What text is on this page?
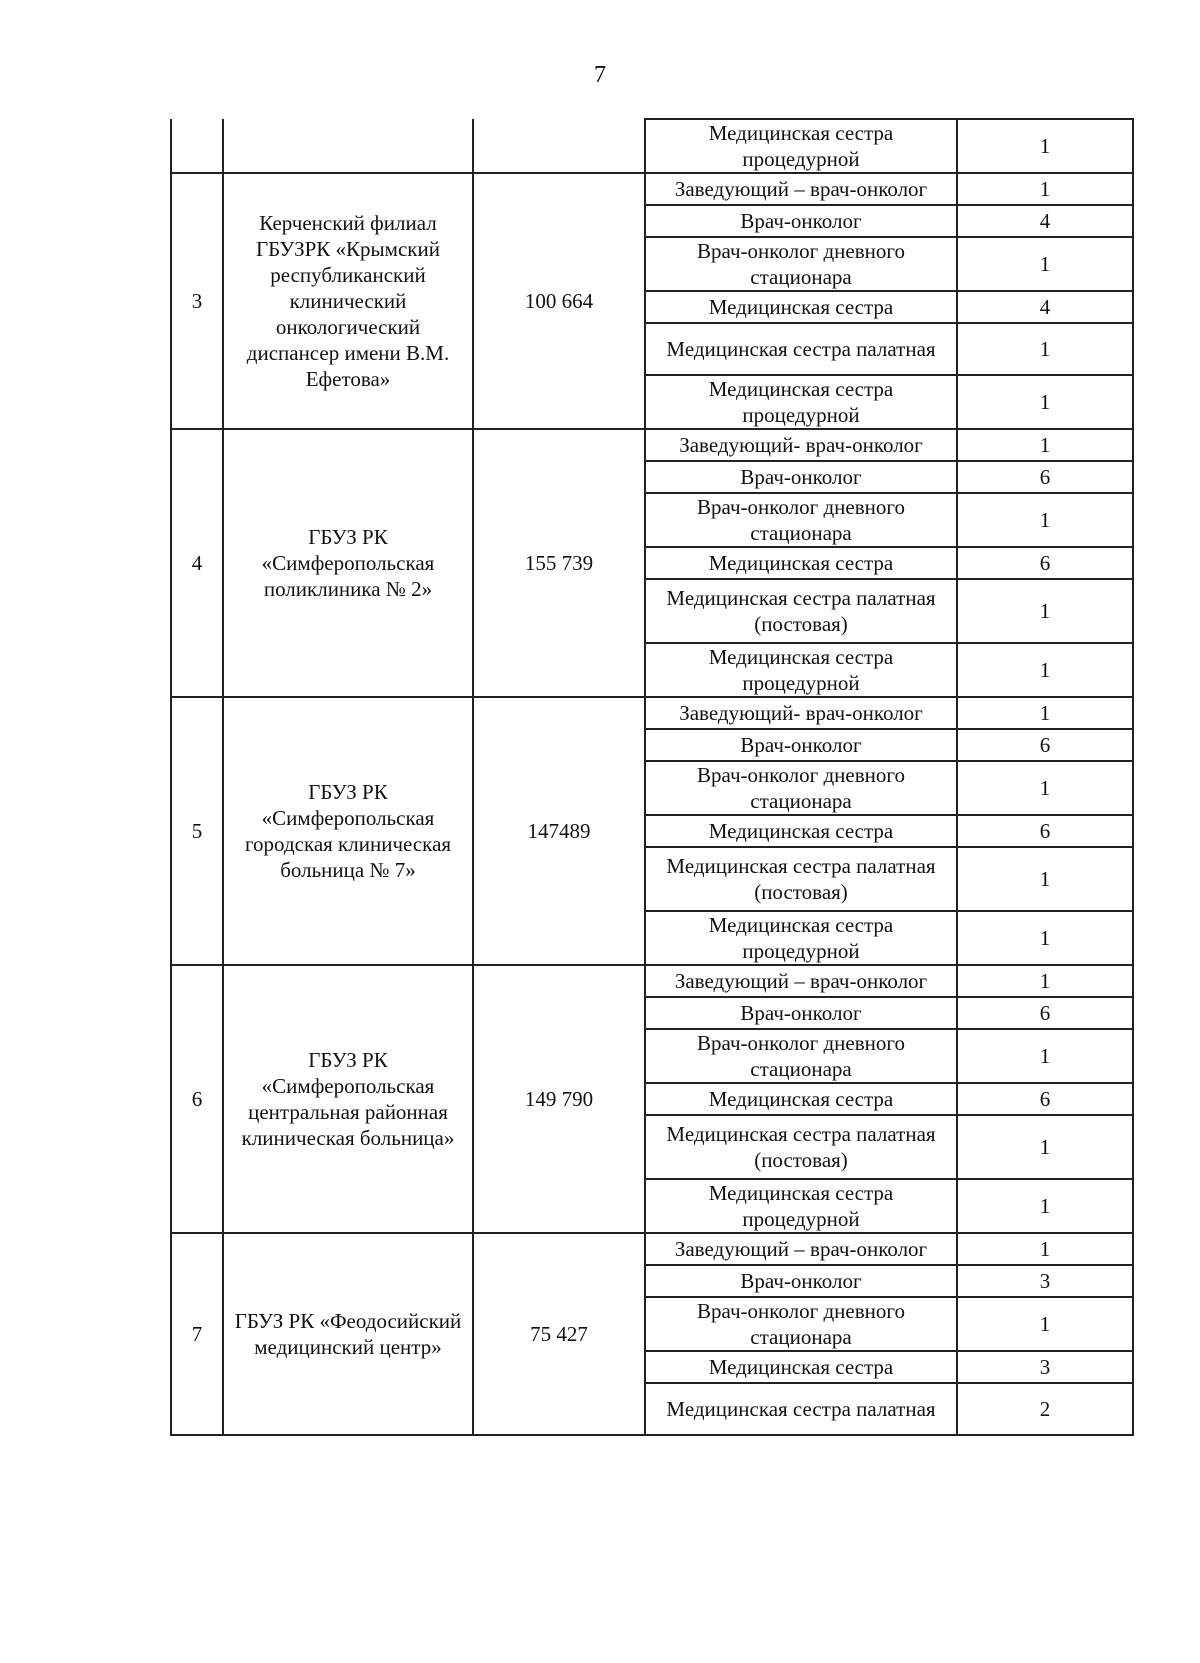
7
			Медицинская сестра процедурной	1
3	Керченский филиал ГБУЗРК «Крымский республиканский клинический онкологический диспансер имени В.М. Ефетова»	100 664	Заведующий – врач-онколог	1
			Врач-онколог	4
			Врач-онколог дневного стационара	1
			Медицинская сестра	4
			Медицинская сестра палатная	1
			Медицинская сестра процедурной	1
4	ГБУЗ РК «Симферопольская поликлиника № 2»	155 739	Заведующий- врач-онколог	1
			Врач-онколог	6
			Врач-онколог дневного стационара	1
			Медицинская сестра	6
			Медицинская сестра палатная (постовая)	1
			Медицинская сестра процедурной	1
5	ГБУЗ РК «Симферопольская городская клиническая больница № 7»	147489	Заведующий- врач-онколог	1
			Врач-онколог	6
			Врач-онколог дневного стационара	1
			Медицинская сестра	6
			Медицинская сестра палатная (постовая)	1
			Медицинская сестра процедурной	1
6	ГБУЗ РК «Симферопольская центральная районная клиническая больница»	149 790	Заведующий – врач-онколог	1
			Врач-онколог	6
			Врач-онколог дневного стационара	1
			Медицинская сестра	6
			Медицинская сестра палатная (постовая)	1
			Медицинская сестра процедурной	1
7	ГБУЗ РК «Феодосийский медицинский центр»	75 427	Заведующий – врач-онколог	1
			Врач-онколог	3
			Врач-онколог дневного стационара	1
			Медицинская сестра	3
			Медицинская сестра палатная	2
